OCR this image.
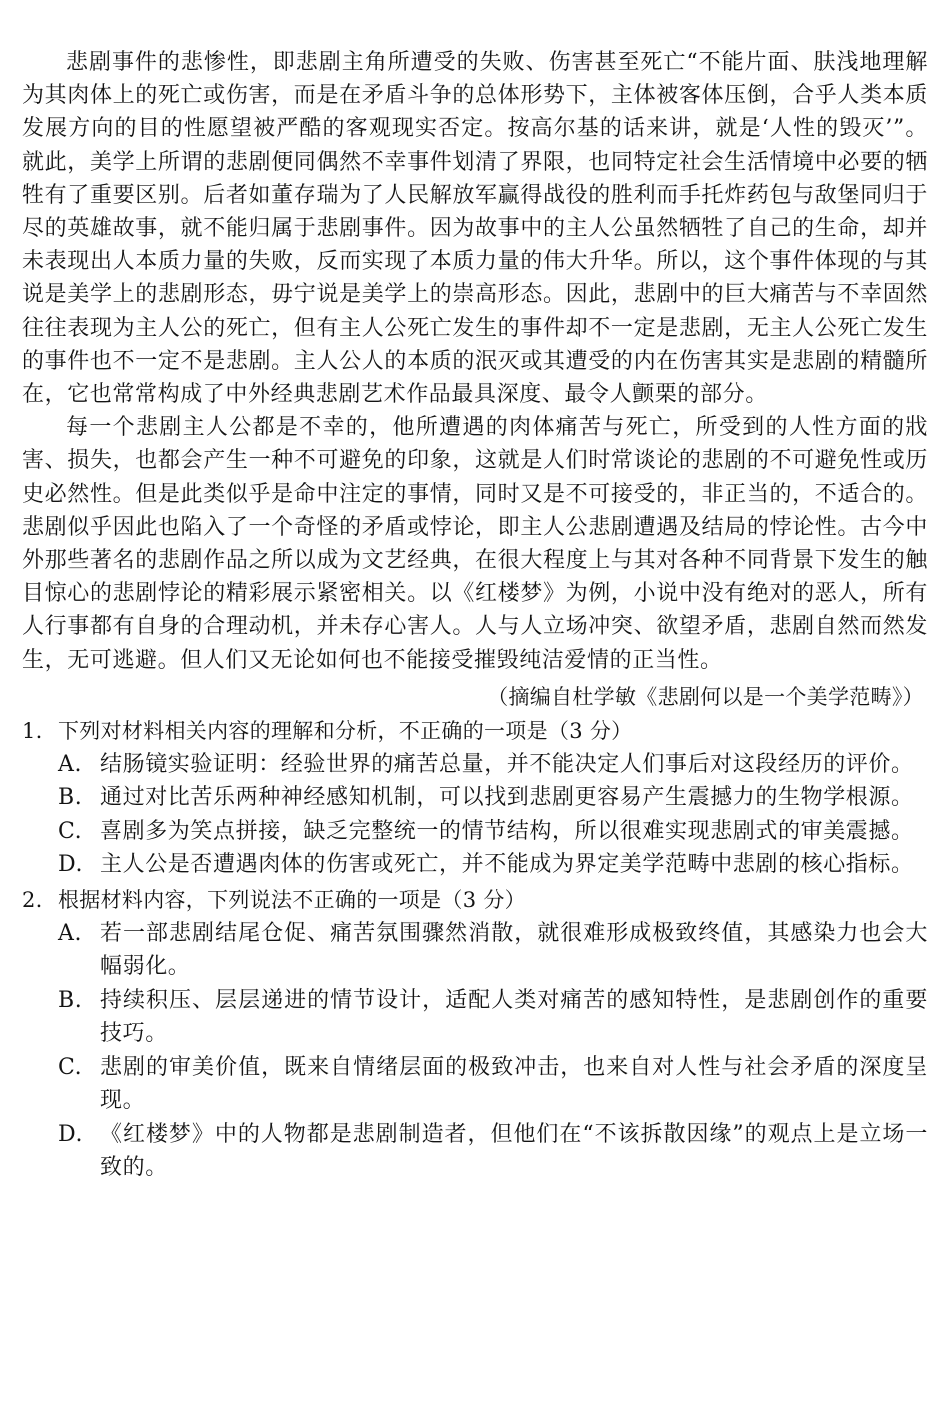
悲剧事件的悲惨性，即悲剧主角所遭受的失败、伤害甚至死亡“不能片面、肤浅地理解为其肉体上的死亡或伤害，而是在矛盾斗争的总体形势下，主体被客体压倒，合乎人类本质发展方向的目的性愿望被严酷的客观现实否定。按高尔基的话来讲，就是‘人性的毁灭’”。就此，美学上所谓的悲剧便同偶然不幸事件划清了界限，也同特定社会生活情境中必要的牺牲有了重要区别。后者如董存瑞为了人民解放军赢得战役的胜利而手托炸药包与敌堡同归于尽的英雄故事，就不能归属于悲剧事件。因为故事中的主人公虽然牺牲了自己的生命，却并未表现出人本质力量的失败，反而实现了本质力量的伟大升华。所以，这个事件体现的与其说是美学上的悲剧形态，毋宁说是美学上的崇高形态。因此，悲剧中的巨大痛苦与不幸固然往往表现为主人公的死亡，但有主人公死亡发生的事件却不一定是悲剧，无主人公死亡发生的事件也不一定不是悲剧。主人公人的本质的泯灭或其遭受的内在伤害其实是悲剧的精髓所在，它也常常构成了中外经典悲剧艺术作品最具深度、最令人颤栗的部分。

每一个悲剧主人公都是不幸的，他所遭遇的肉体痛苦与死亡，所受到的人性方面的戕害、损失，也都会产生一种不可避免的印象，这就是人们时常谈论的悲剧的不可避免性或历史必然性。但是此类似乎是命中注定的事情，同时又是不可接受的，非正当的，不适合的。悲剧似乎因此也陷入了一个奇怪的矛盾或悖论，即主人公悲剧遭遇及结局的悖论性。古今中外那些著名的悲剧作品之所以成为文艺经典，在很大程度上与其对各种不同背景下发生的触目惊心的悲剧悖论的精彩展示紧密相关。以《红楼梦》为例，小说中没有绝对的恶人，所有人行事都有自身的合理动机，并未存心害人。人与人立场冲突、欲望矛盾，悲剧自然而然发生，无可逃避。但人们又无论如何也不能接受摧毁纯洁爱情的正当性。

（摘编自杜学敏《悲剧何以是一个美学范畴》）

1. 下列对材料相关内容的理解和分析，不正确的一项是（3 分）
A. 结肠镜实验证明：经验世界的痛苦总量，并不能决定人们事后对这段经历的评价。
B. 通过对比苦乐两种神经感知机制，可以找到悲剧更容易产生震撼力的生物学根源。
C. 喜剧多为笑点拼接，缺乏完整统一的情节结构，所以很难实现悲剧式的审美震撼。
D. 主人公是否遭遇肉体的伤害或死亡，并不能成为界定美学范畴中悲剧的核心指标。
2. 根据材料内容，下列说法不正确的一项是（3 分）
A. 若一部悲剧结尾仓促、痛苦氛围骤然消散，就很难形成极致终值，其感染力也会大幅弱化。
B. 持续积压、层层递进的情节设计，适配人类对痛苦的感知特性，是悲剧创作的重要技巧。
C. 悲剧的审美价值，既来自情绪层面的极致冲击，也来自对人性与社会矛盾的深度呈现。
D. 《红楼梦》中的人物都是悲剧制造者，但他们在“不该拆散因缘”的观点上是立场一致的。
